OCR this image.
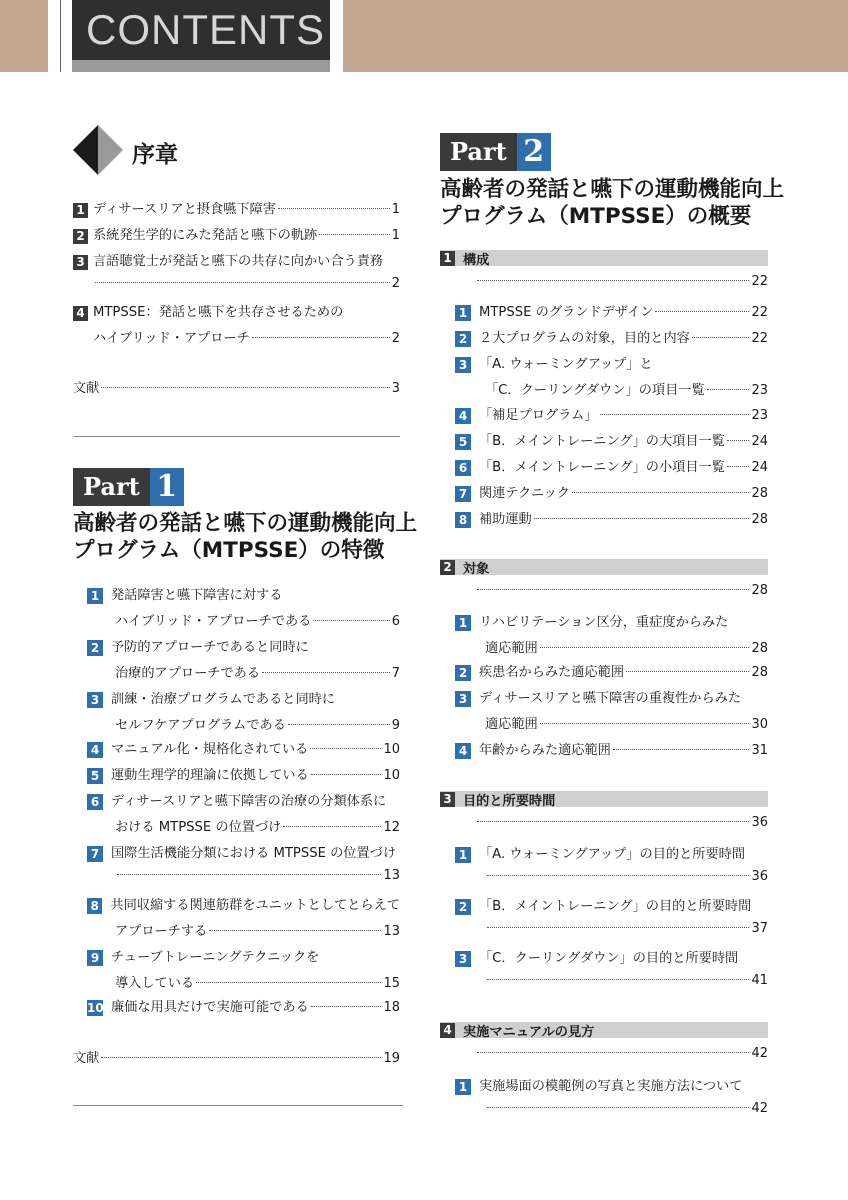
CONTENTS
序章
1 ディサースリアと摂食嚥下障害	1
2 系統発生学的にみた発話と嚥下の軌跡	1
3 言語聴覚士が発話と嚥下の共存に向かい合う責務
2
4 MTPSSE：発話と嚥下を共存させるための
ハイブリッド・アプローチ	2
文献	3
Part 1
高齢者の発話と嚥下の運動機能向上
プログラム（MTPSSE）の特徴
1 発話障害と嚥下障害に対する
ハイブリッド・アプローチである	6
2 予防的アプローチであると同時に
治療的アプローチである	7
3 訓練・治療プログラムであると同時に
セルフケアプログラムである	9
4 マニュアル化・規格化されている	10
5 運動生理学的理論に依拠している	10
6 ディサースリアと嚥下障害の治療の分類体系に
おける MTPSSE の位置づけ	12
7 国際生活機能分類における MTPSSE の位置づけ
13
8 共同収縮する関連筋群をユニットとしてとらえて
アプローチする	13
9 チューブトレーニングテクニックを
導入している	15
10 廉価な用具だけで実施可能である	18
文献	19
Part 2
高齢者の発話と嚥下の運動機能向上
プログラム（MTPSSE）の概要
1 構成
22
1 MTPSSE のグランドデザイン	22
2 ２大プログラムの対象，目的と内容	22
3 「A. ウォーミングアップ」と
「C．クーリングダウン」の項目一覧	23
4 「補足プログラム」	23
5 「B．メイントレーニング」の大項目一覧 24
6 「B．メイントレーニング」の小項目一覧 24
7 関連テクニック	28
8 補助運動	28
2 対象
28
1 リハビリテーション区分，重症度からみた
適応範囲	28
2 疾患名からみた適応範囲	28
3 ディサースリアと嚥下障害の重複性からみた
適応範囲	30
4 年齢からみた適応範囲	31
3 目的と所要時間
36
1 「A. ウォーミングアップ」の目的と所要時間
36
2 「B．メイントレーニング」の目的と所要時間
37
3 「C．クーリングダウン」の目的と所要時間
41
4 実施マニュアルの見方
42
1 実施場面の模範例の写真と実施方法について
42
